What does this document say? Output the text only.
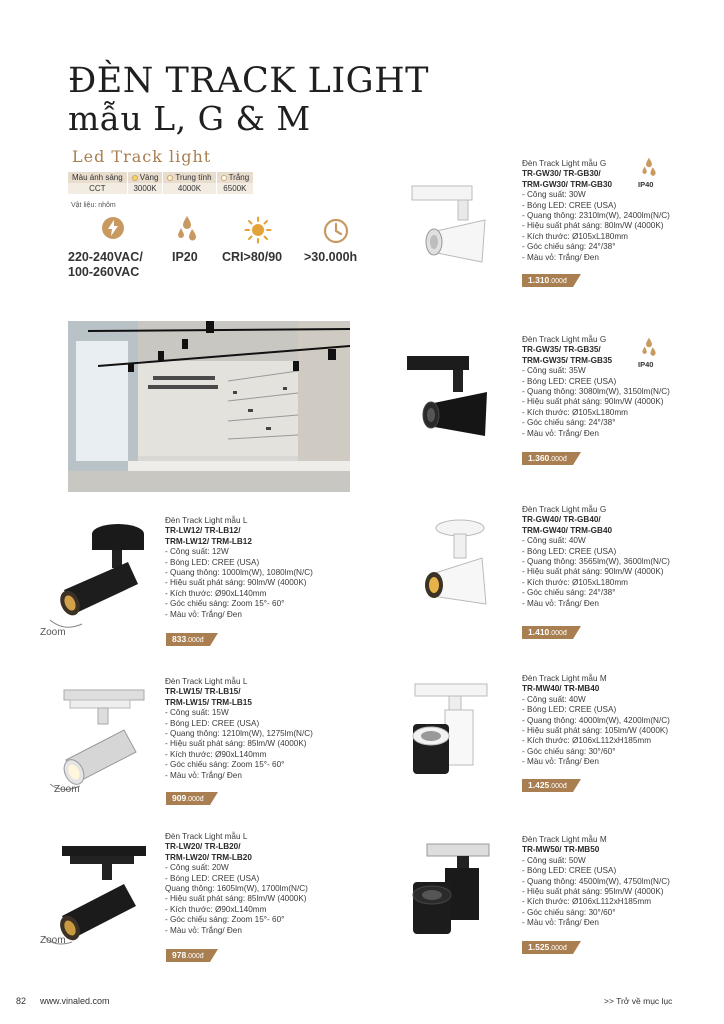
ĐÈN TRACK LIGHT
mẫu L, G & M
Led Track light
Màu ánh sáng	Vàng	Trung tính	Trắng
CCT	3000K	4000K	6500K
Vật liệu: nhôm
220-240VAC/ 100-260VAC
IP20 CRI>80/90 >30.000h
Đèn Track Light mẫu G
TR-GW30/ TR-GB30/
TRM-GW30/ TRM-GB30
- Công suất: 30W
- Bóng LED: CREE (USA)
- Quang thông: 2310lm(W), 2400lm(N/C)
- Hiệu suất phát sáng: 80lm/W (4000K)
- Kích thước: Ø105xL180mm
- Góc chiếu sáng: 24°/38°
- Màu vỏ: Trắng/ Đen
IP40
1.310.000đ
Đèn Track Light mẫu G
TR-GW35/ TR-GB35/
TRM-GW35/ TRM-GB35
- Công suất: 35W
- Bóng LED: CREE (USA)
- Quang thông: 3080lm(W), 3150lm(N/C)
- Hiệu suất phát sáng: 90lm/W (4000K)
- Kích thước: Ø105xL180mm
- Góc chiếu sáng: 24°/38°
- Màu vỏ: Trắng/ Đen
IP40
1.360.000đ
Đèn Track Light mẫu G
TR-GW40/ TR-GB40/
TRM-GW40/ TRM-GB40
- Công suất: 40W
- Bóng LED: CREE (USA)
- Quang thông: 3565lm(W), 3600lm(N/C)
- Hiệu suất phát sáng: 90lm/W (4000K)
- Kích thước: Ø105xL180mm
- Góc chiếu sáng: 24°/38°
- Màu vỏ: Trắng/ Đen
1.410.000đ
Đèn Track Light mẫu M
TR-MW40/ TR-MB40
- Công suất: 40W
- Bóng LED: CREE (USA)
- Quang thông: 4000lm(W), 4200lm(N/C)
- Hiệu suất phát sáng: 105lm/W (4000K)
- Kích thước: Ø106xL112xH185mm
- Góc chiếu sáng: 30°/60°
- Màu vỏ: Trắng/ Đen
1.425.000đ
Đèn Track Light mẫu M
TR-MW50/ TR-MB50
- Công suất: 50W
- Bóng LED: CREE (USA)
- Quang thông: 4500lm(W), 4750lm(N/C)
- Hiệu suất phát sáng: 95lm/W (4000K)
- Kích thước: Ø106xL112xH185mm
- Góc chiếu sáng: 30°/60°
- Màu vỏ: Trắng/ Đen
1.525.000đ
Zoom
Đèn Track Light mẫu L
TR-LW12/ TR-LB12/
TRM-LW12/ TRM-LB12
- Công suất: 12W
- Bóng LED: CREE (USA)
- Quang thông: 1000lm(W), 1080lm(N/C)
- Hiệu suất phát sáng: 90lm/W (4000K)
- Kích thước: Ø90xL140mm
- Góc chiếu sáng: Zoom 15°- 60°
- Màu vỏ: Trắng/ Đen
833.000đ
Zoom
Đèn Track Light mẫu L
TR-LW15/ TR-LB15/
TRM-LW15/ TRM-LB15
- Công suất: 15W
- Bóng LED: CREE (USA)
- Quang thông: 1210lm(W), 1275lm(N/C)
- Hiệu suất phát sáng: 85lm/W (4000K)
- Kích thước: Ø90xL140mm
- Góc chiếu sáng: Zoom 15°- 60°
- Màu vỏ: Trắng/ Đen
909.000đ
Zoom
Đèn Track Light mẫu L
TR-LW20/ TR-LB20/
TRM-LW20/ TRM-LB20
- Công suất: 20W
- Bóng LED: CREE (USA)
Quang thông: 1605lm(W), 1700lm(N/C)
- Hiệu suất phát sáng: 85lm/W (4000K)
- Kích thước: Ø90xL140mm
- Góc chiếu sáng: Zoom 15°- 60°
- Màu vỏ: Trắng/ Đen
978.000đ
82 www.vinaled.com	>> Trở về mục lục
